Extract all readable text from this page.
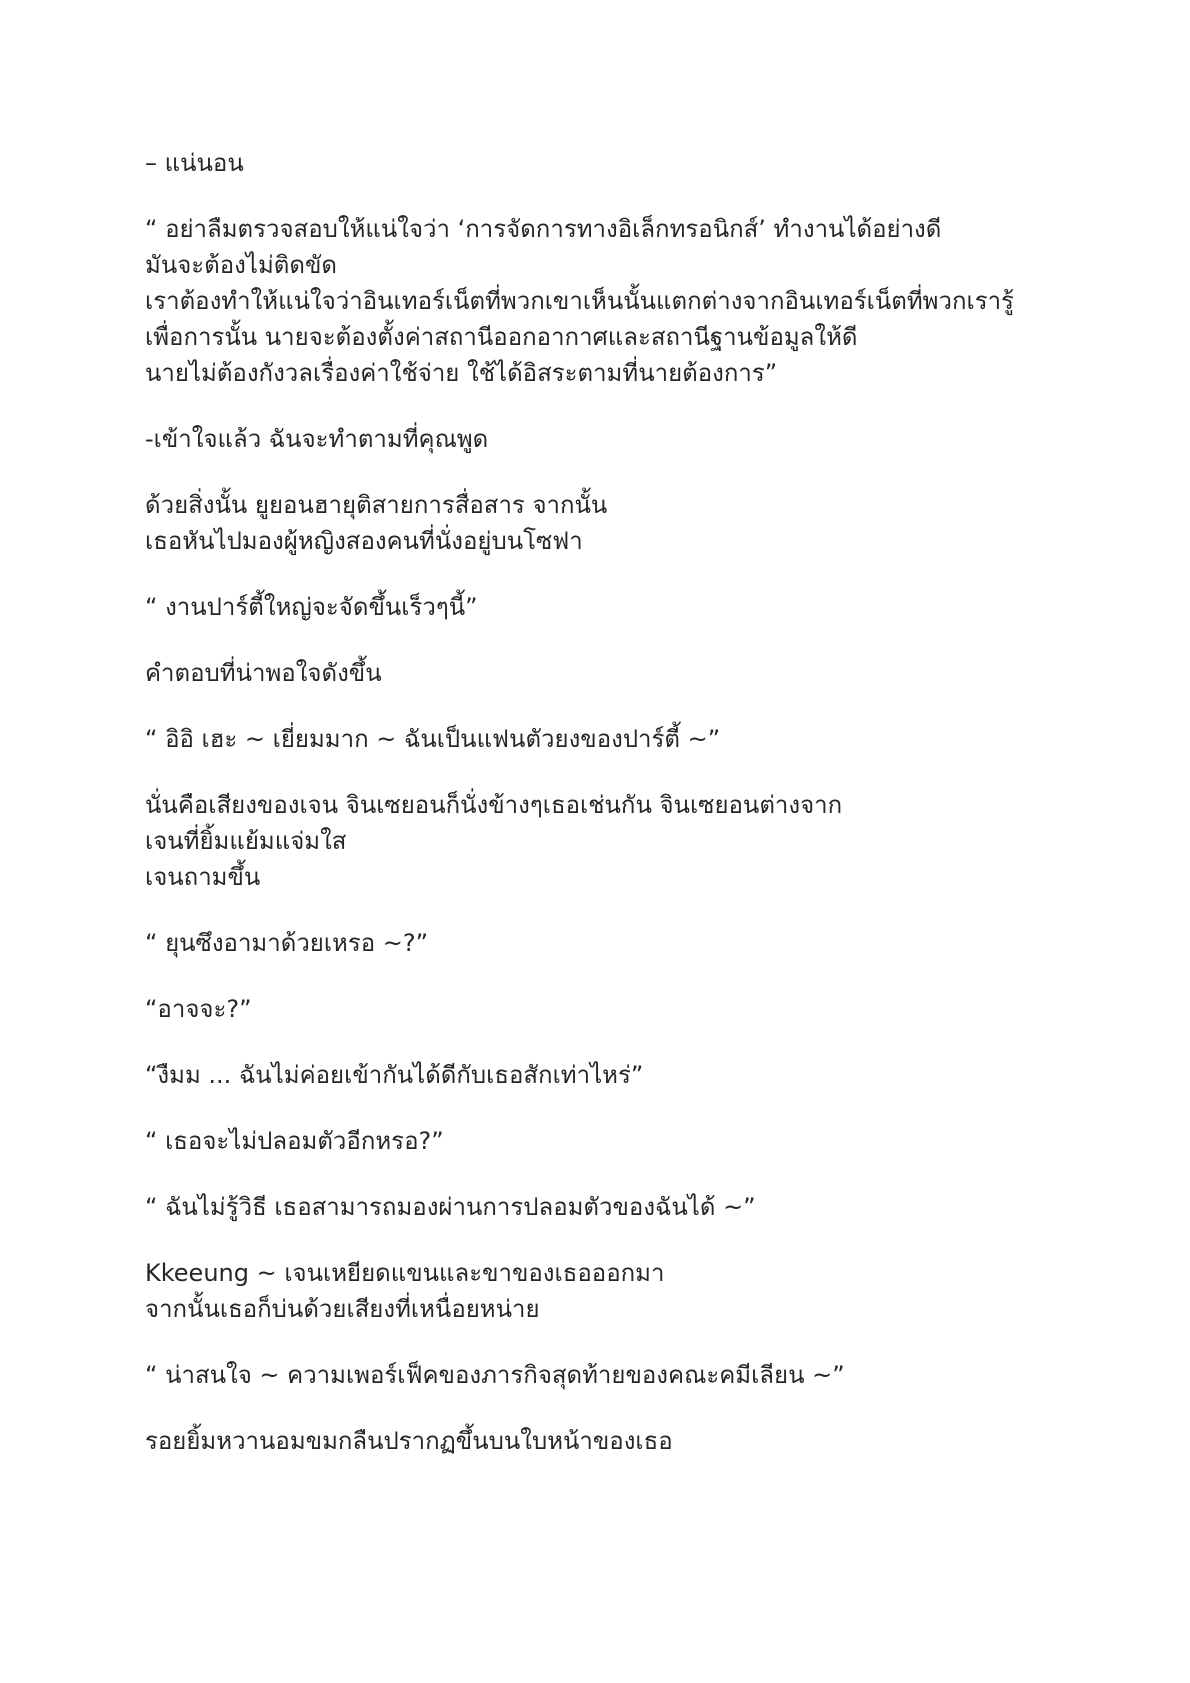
– แน่นอน
“ อย่าลืมตรวจสอบให้แน่ใจว่า ‘การจัดการทางอิเล็กทรอนิกส์’ ทำงานได้อย่างดี
มันจะต้องไม่ติดขัด
เราต้องทำให้แน่ใจว่าอินเทอร์เน็ตที่พวกเขาเห็นนั้นแตกต่างจากอินเทอร์เน็ตที่พวกเรารู้
เพื่อการนั้น นายจะต้องตั้งค่าสถานีออกอากาศและสถานีฐานข้อมูลให้ดี
นายไม่ต้องกังวลเรื่องค่าใช้จ่าย ใช้ได้อิสระตามที่นายต้องการ”
-เข้าใจแล้ว ฉันจะทำตามที่คุณพูด
ด้วยสิ่งนั้น ยูยอนฮายุติสายการสื่อสาร จากนั้น
เธอหันไปมองผู้หญิงสองคนที่นั่งอยู่บนโซฟา
“ งานปาร์ตี้ใหญ่จะจัดขึ้นเร็วๆนี้”
คำตอบที่น่าพอใจดังขึ้น
“ อิอิ เฮะ ~ เยี่ยมมาก ~ ฉันเป็นแฟนตัวยงของปาร์ตี้ ~”
นั่นคือเสียงของเจน จินเซยอนก็นั่งข้างๆเธอเช่นกัน จินเซยอนต่างจาก
เจนที่ยิ้มแย้มแจ่มใส
เจนถามขึ้น
“ ยุนซึงอามาด้วยเหรอ ~?”
“อาจจะ?”
“งืมม ... ฉันไม่ค่อยเข้ากันได้ดีกับเธอสักเท่าไหร่”
“ เธอจะไม่ปลอมตัวอีกหรอ?”
“ ฉันไม่รู้วิธี เธอสามารถมองผ่านการปลอมตัวของฉันได้ ~”
Kkeeung ~ เจนเหยียดแขนและขาของเธอออกมา
จากนั้นเธอก็บ่นด้วยเสียงที่เหนื่อยหน่าย
“ น่าสนใจ ~ ความเพอร์เฟ็คของภารกิจสุดท้ายของคณะคมีเลียน ~”
รอยยิ้มหวานอมขมกลืนปรากฏขึ้นบนใบหน้าของเธอ
